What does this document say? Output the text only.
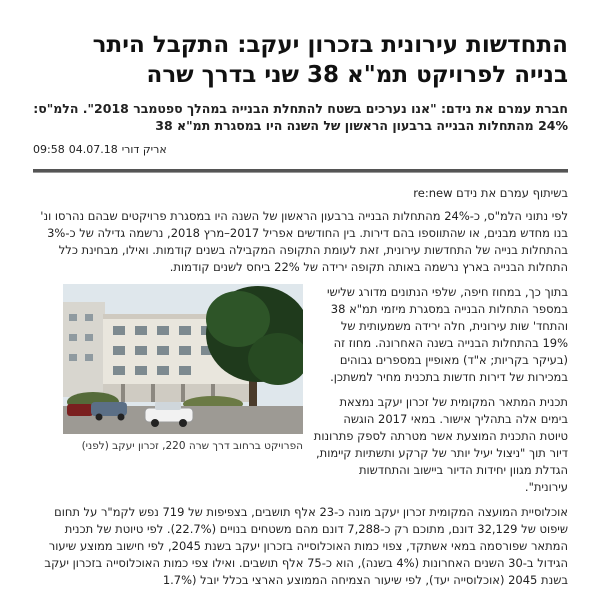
התחדשות עירונית בזכרון יעקב: התקבל היתר בנייה לפרויקט תמ"א 38 שני בדרך שרה
חברת עמרם את נידם: "אנו נערכים בשטח להתחלת הבנייה במהלך ספטמבר 2018". הלמ"ס: 24% מהתחלות הבנייה ברבעון הראשון של השנה היו במסגרת תמ"א 38
אריק דורי
04.07.18
09:58
בשיתוף עמרם את נידם re:new

לפי נתוני הלמ"ס, כ-24% מהתחלות הבנייה ברבעון הראשון של השנה היו במסגרת פרויקטים שבהם נהרסו ונ' בנו מחדש מבנים, או שהתווספו בהם דירות. בין החודשים אפריל 2017–מרץ 2018, נרשמה גדילה של כ-3% בהתחלות בנייה של התחדשות עירונית, זאת לעומת התקופה המקבילה בשנים קודמות. ואילו, מבחינת כלל התחלות הבנייה בארץ נרשמה באותה תקופה ירידה של 22% ביחס לשנים קודמות.

בתוך כך, במחוז חיפה, שלפי הנתונים מדורג שלישי במספר התחלות הבנייה במסגרת מיזמי תמ"א 38 והתחד' שות עירונית, חלה ירידה משמעותית של 19% בהתחלות הבנייה בשנה האחרונה. מחוז זה (בעיקר בקריות; א"ד) מאופיין במספרים גבוהים במכירות של דירות חדשות בתכנית מחיר למשתכן.

תכנית המתאר המקומית של זכרון יעקב נמצאת בימים אלה בתהליך אישור. במאי 2017 הוגשה טיוטת התכנית המוצעת אשר מטרתה לספק פתרונות דיור תוך "ניצול יעיל יותר של קרקע ותשתיות קיימות, הגדלת מגוון יחידות הדיור ביישוב והתחדשות עירונית".

הפרויקט ברחוב דרך שרה 220, זכרון יעקב (לפני)

אוכלוסיית המועצה המקומית זכרון יעקב מונה כ-23 אלף תושבים, בצפיפות של 719 נפש לקמ"ר על תחום שיפוט של 32,129 דונם, מתוכם רק כ-7,288 דונם מהם משטחים בנויים (22.7%). לפי טיוטת של תכנית המתאר שפורסמה במאי אשתקד, צפוי כמות האוכלוסייה בזכרון יעקב בשנת 2045, לפי חישוב ממוצע שיעור הגידול ב-30 השנים האחרונות (4% בשנה), הוא כ-75 אלף תושבים. ואילו צפי כמות האוכלוסייה בזכרון יעקב בשנת 2045 (אוכלוסייה יעד), לפי שיעור הצמיחה הממוצע הארצי בכלל יובל (1.7%
